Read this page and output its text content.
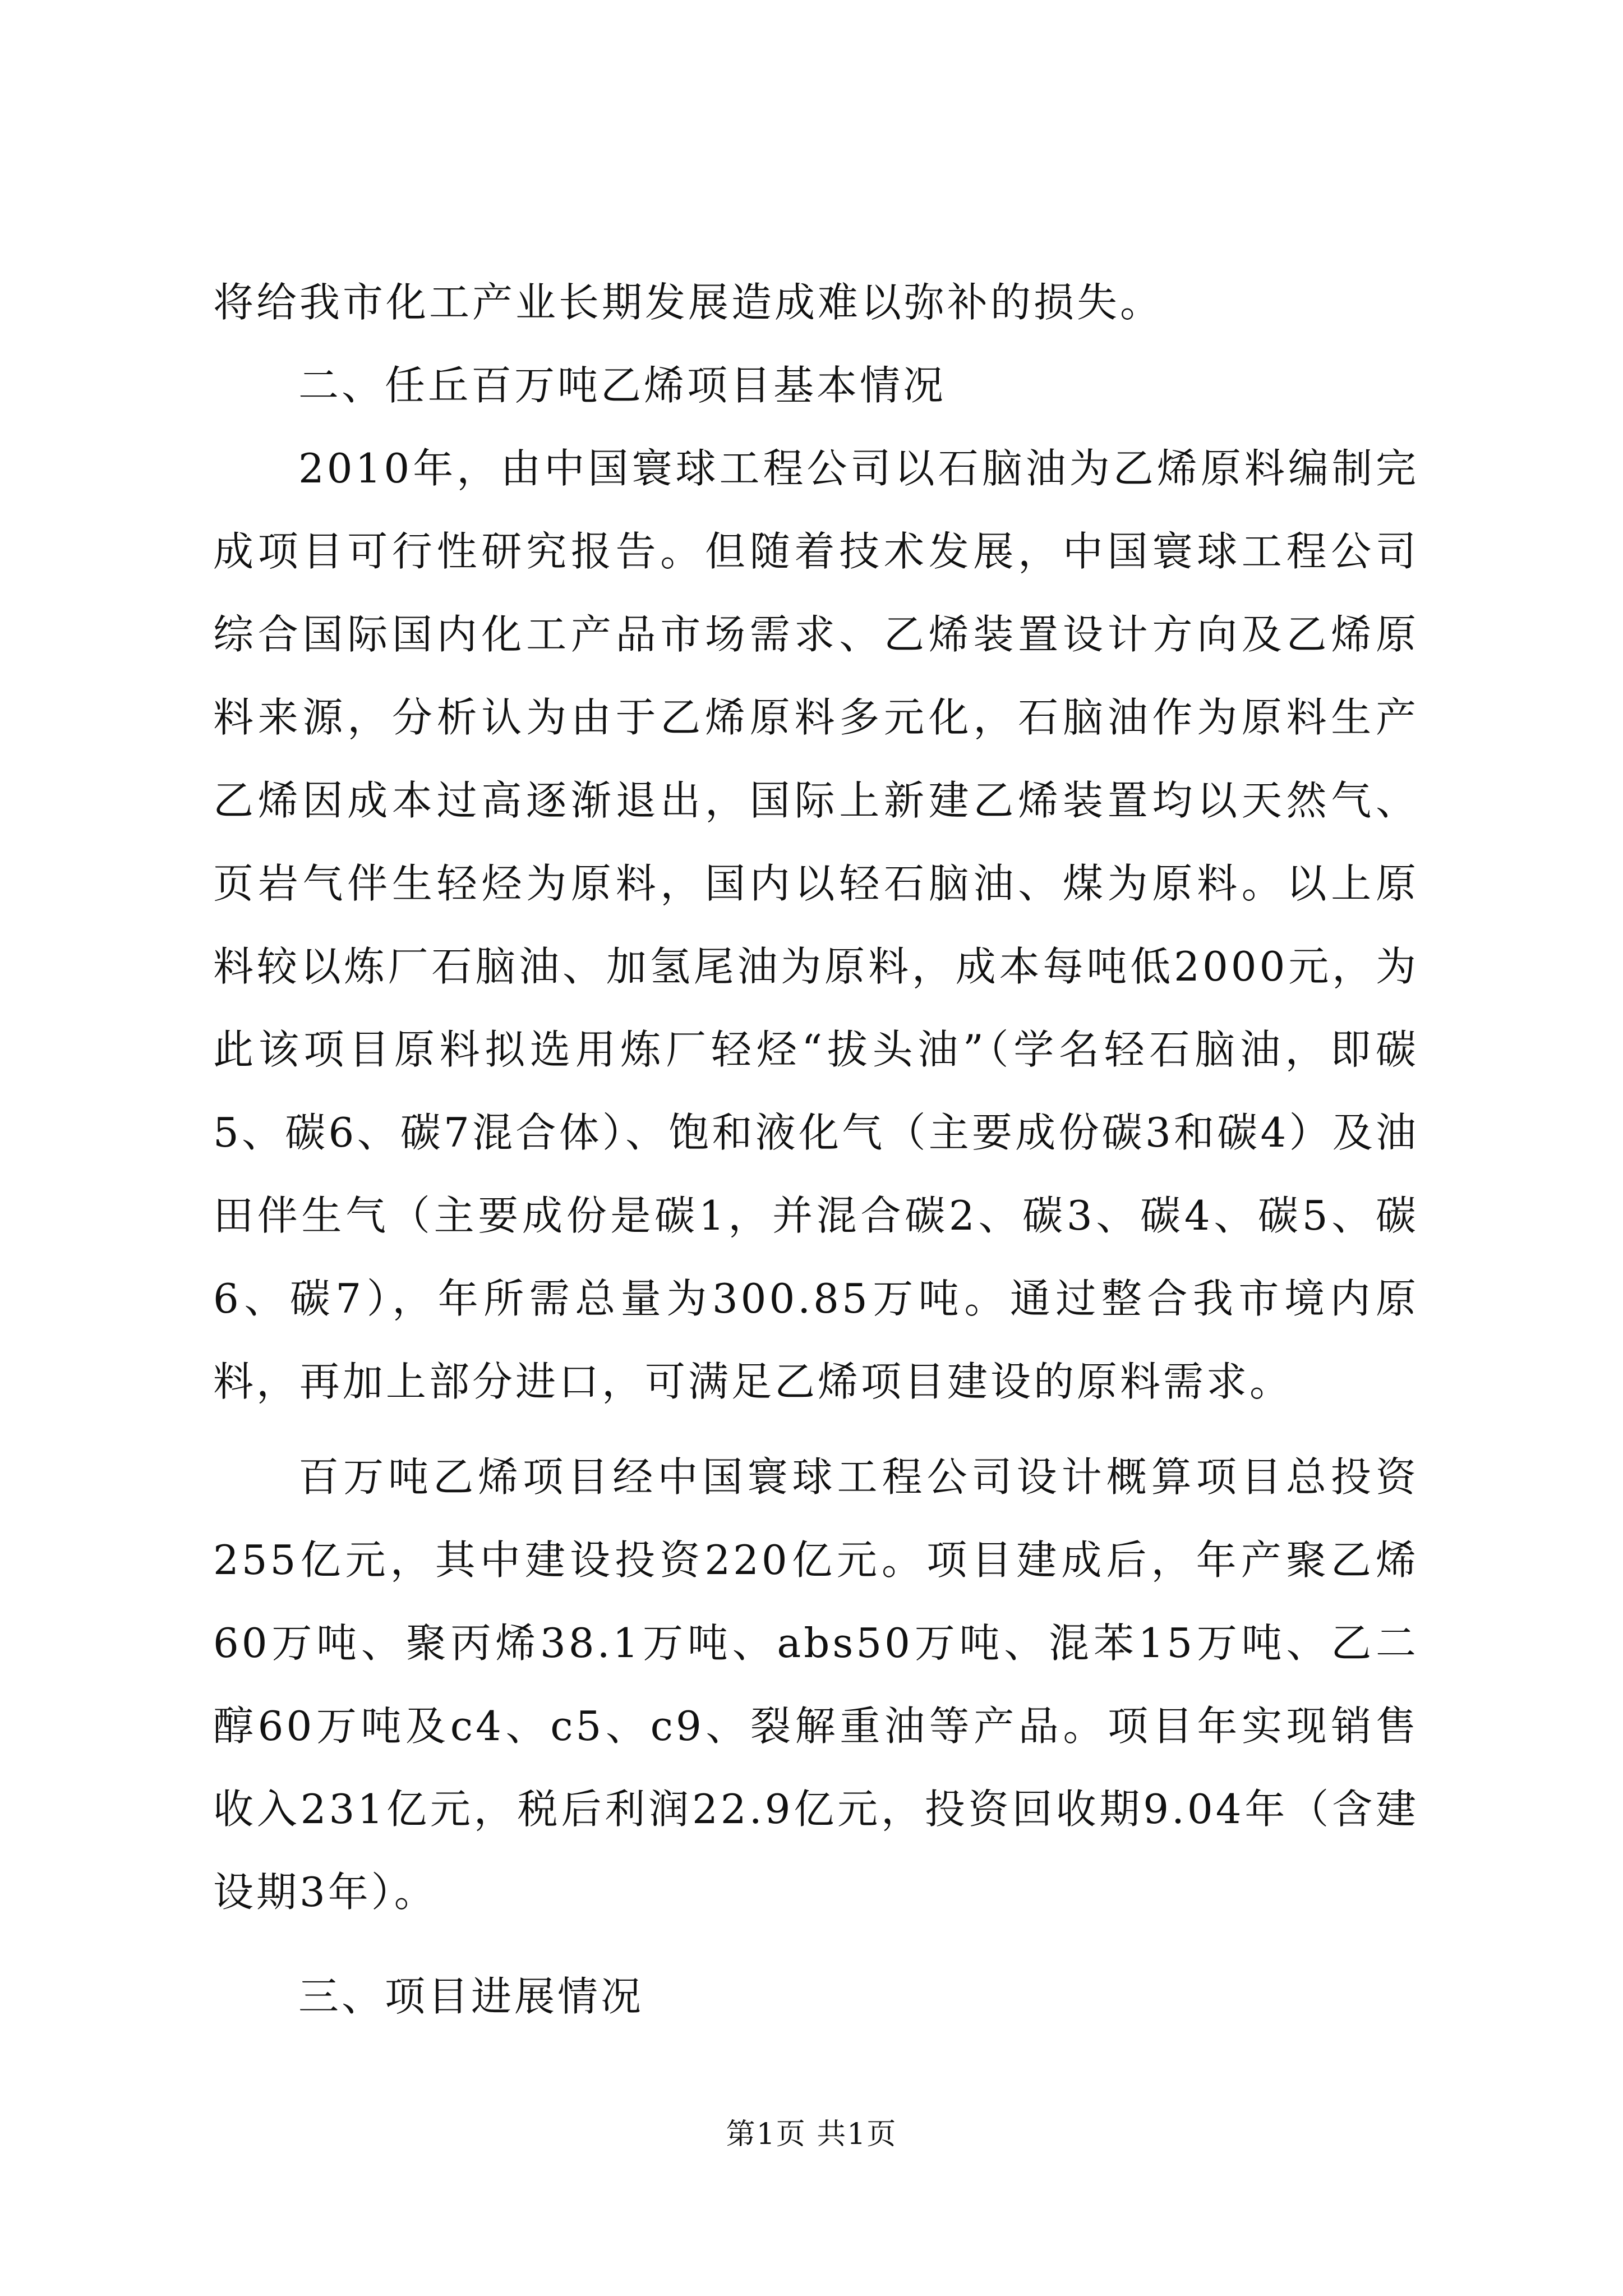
将给我市化工产业长期发展造成难以弥补的损失。

二、任丘百万吨乙烯项目基本情况

2010年，由中国寰球工程公司以石脑油为乙烯原料编制完成项目可行性研究报告。但随着技术发展，中国寰球工程公司综合国际国内化工产品市场需求、乙烯装置设计方向及乙烯原料来源，分析认为由于乙烯原料多元化，石脑油作为原料生产乙烯因成本过高逐渐退出，国际上新建乙烯装置均以天然气、页岩气伴生轻烃为原料，国内以轻石脑油、煤为原料。以上原料较以炼厂石脑油、加氢尾油为原料，成本每吨低2000元，为此该项目原料拟选用炼厂轻烃“拔头油”（学名轻石脑油，即碳5、碳6、碳7混合体）、饱和液化气（主要成份碳3和碳4）及油田伴生气（主要成份是碳1，并混合碳2、碳3、碳4、碳5、碳6、碳7），年所需总量为300.85万吨。通过整合我市境内原料，再加上部分进口，可满足乙烯项目建设的原料需求。

百万吨乙烯项目经中国寰球工程公司设计概算项目总投资255亿元，其中建设投资220亿元。项目建成后，年产聚乙烯60万吨、聚丙烯38.1万吨、abs50万吨、混苯15万吨、乙二醇60万吨及c4、c5、c9、裂解重油等产品。项目年实现销售收入231亿元，税后利润22.9亿元，投资回收期9.04年（含建设期3年）。

三、项目进展情况

第1页 共1页
